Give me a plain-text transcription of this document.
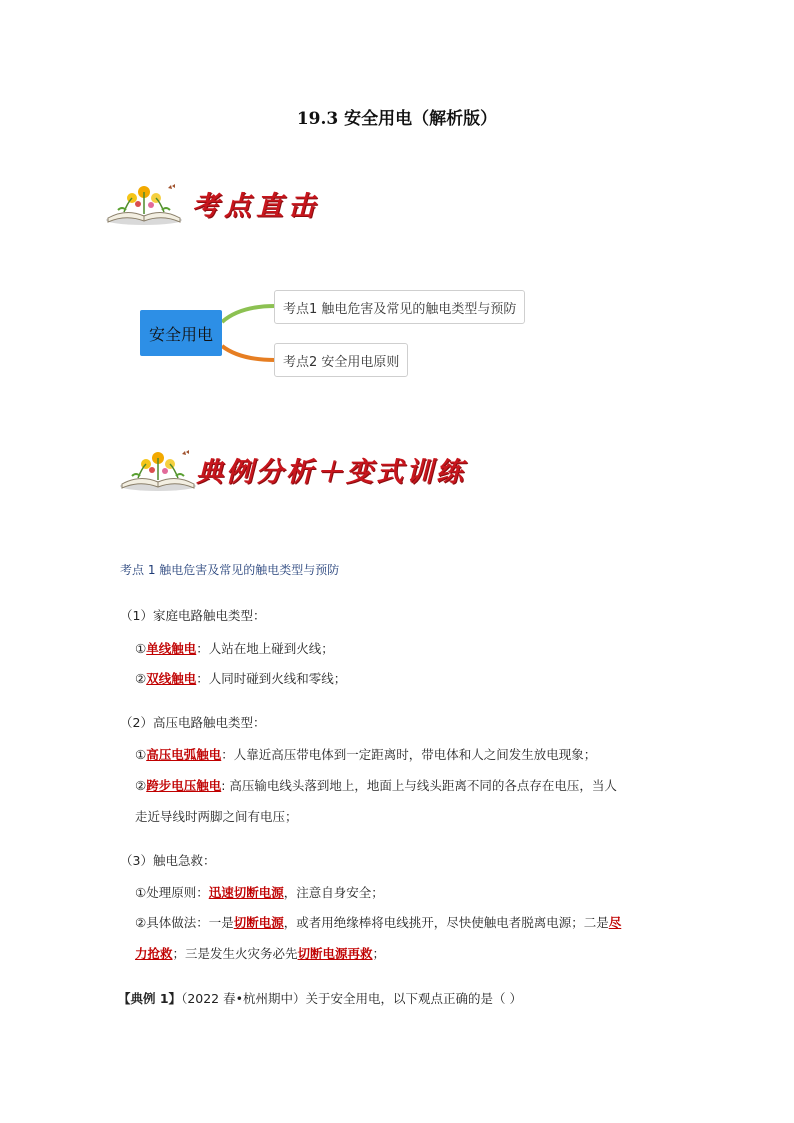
19.3 安全用电（解析版）
考点直击
安全用电
考点1 触电危害及常见的触电类型与预防
考点2 安全用电原则
典例分析＋变式训练
考点 1 触电危害及常见的触电类型与预防
（1）家庭电路触电类型：
①单线触电：人站在地上碰到火线；
②双线触电：人同时碰到火线和零线；
（2）高压电路触电类型：
①高压电弧触电：人靠近高压带电体到一定距离时，带电体和人之间发生放电现象；
②跨步电压触电: 高压输电线头落到地上，地面上与线头距离不同的各点存在电压，当人
走近导线时两脚之间有电压；
（3）触电急救：
①处理原则：迅速切断电源，注意自身安全；
②具体做法：一是切断电源，或者用绝缘棒将电线挑开，尽快使触电者脱离电源；二是尽
力抢救；三是发生火灾务必先切断电源再救；
【典例 1】（2022 春•杭州期中）关于安全用电，以下观点正确的是（ ）
